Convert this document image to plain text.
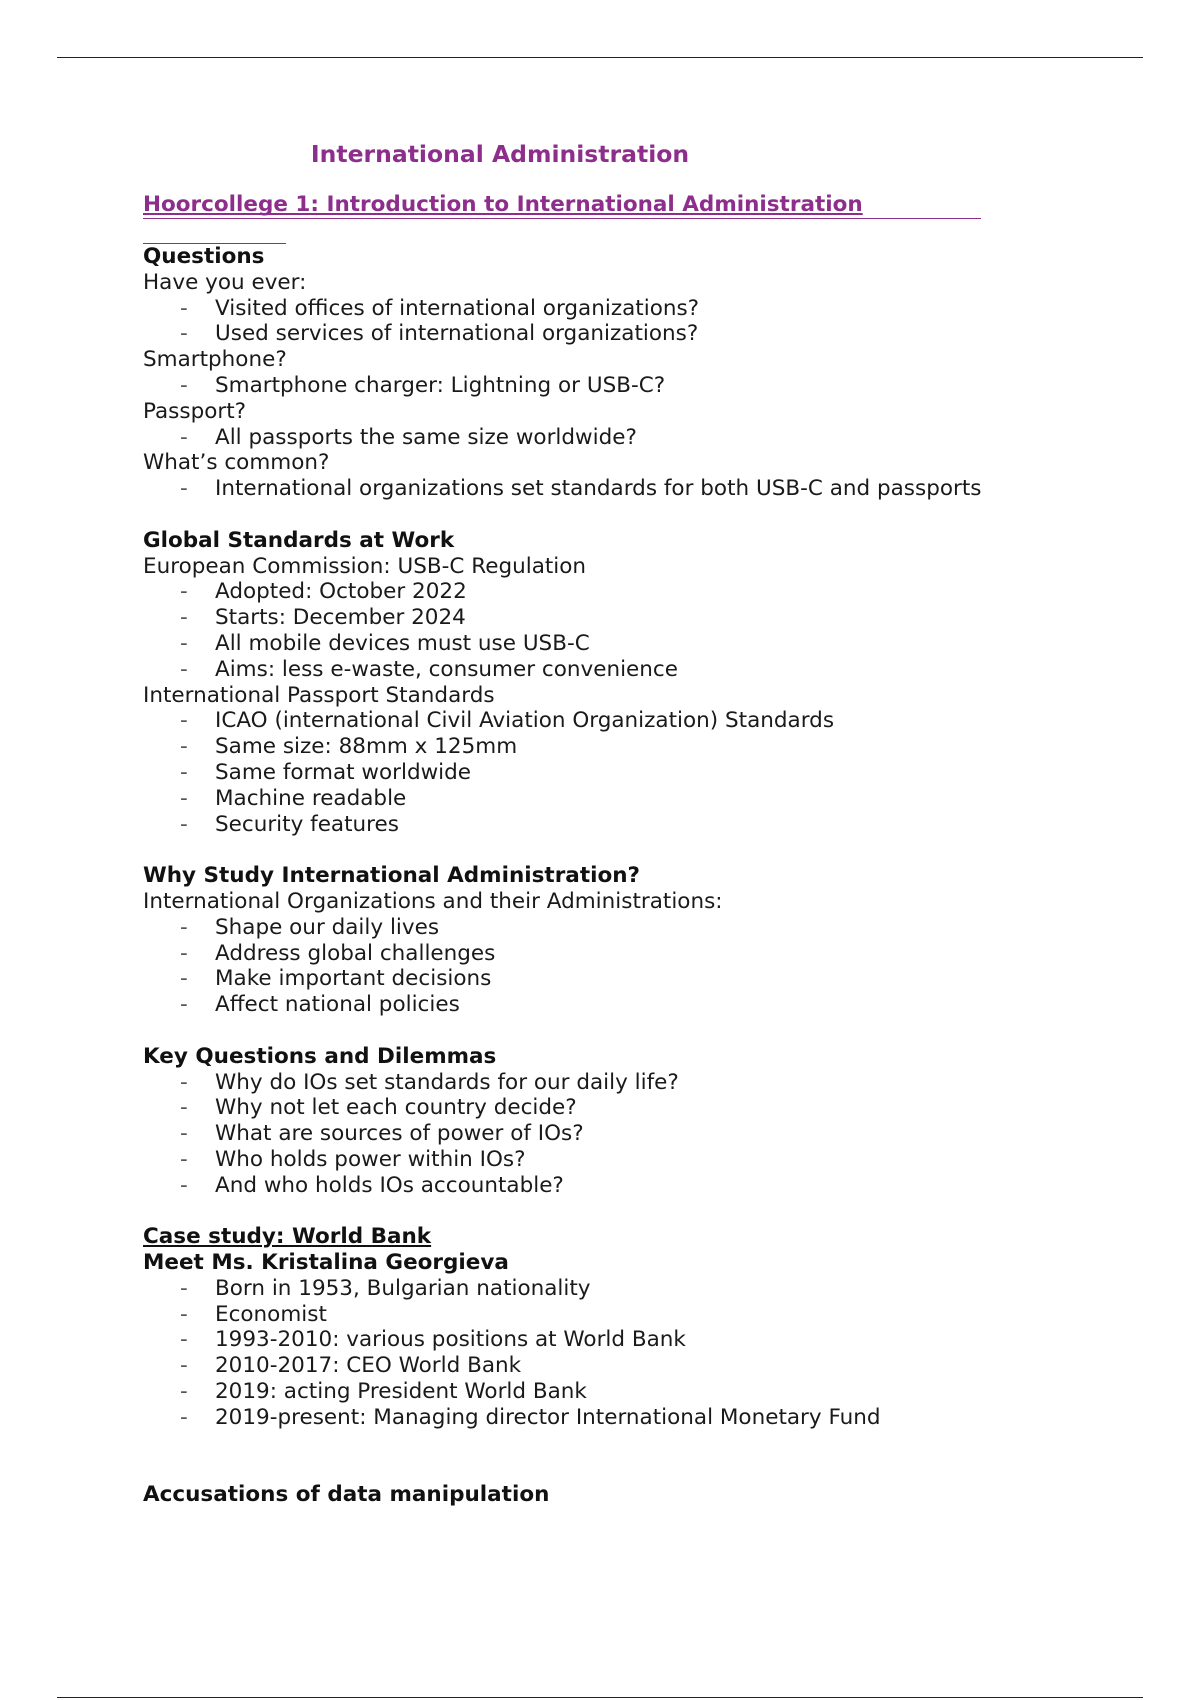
International Administration
Hoorcollege 1: Introduction to International Administration
Questions
Have you ever:
- Visited offices of international organizations?
- Used services of international organizations?
Smartphone?
- Smartphone charger: Lightning or USB-C?
Passport?
- All passports the same size worldwide?
What’s common?
- International organizations set standards for both USB-C and passports
Global Standards at Work
European Commission: USB-C Regulation
- Adopted: October 2022
- Starts: December 2024
- All mobile devices must use USB-C
- Aims: less e-waste, consumer convenience
International Passport Standards
- ICAO (international Civil Aviation Organization) Standards
- Same size: 88mm x 125mm
- Same format worldwide
- Machine readable
- Security features
Why Study International Administration?
International Organizations and their Administrations:
- Shape our daily lives
- Address global challenges
- Make important decisions
- Affect national policies
Key Questions and Dilemmas
- Why do IOs set standards for our daily life?
- Why not let each country decide?
- What are sources of power of IOs?
- Who holds power within IOs?
- And who holds IOs accountable?
Case study: World Bank
Meet Ms. Kristalina Georgieva
- Born in 1953, Bulgarian nationality
- Economist
- 1993-2010: various positions at World Bank
- 2010-2017: CEO World Bank
- 2019: acting President World Bank
- 2019-present: Managing director International Monetary Fund
Accusations of data manipulation
